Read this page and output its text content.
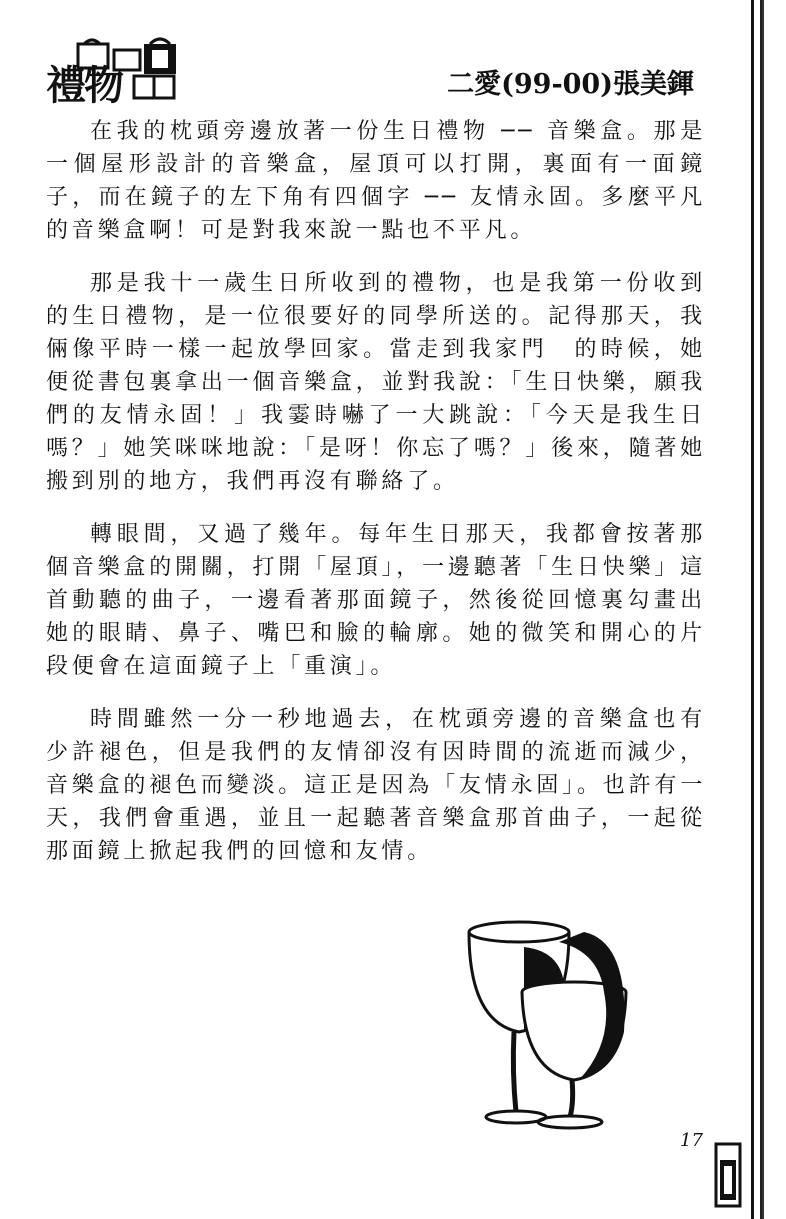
禮物	二愛(99-00)張美鍕

在我的枕頭旁邊放著一份生日禮物 ── 音樂盒。那是一個屋形設計的音樂盒，屋頂可以打開，裏面有一面鏡子，而在鏡子的左下角有四個字 ── 友情永固。多麼平凡的音樂盒啊！可是對我來說一點也不平凡。

那是我十一歲生日所收到的禮物，也是我第一份收到的生日禮物，是一位很要好的同學所送的。記得那天，我倆像平時一樣一起放學回家。當走到我家門　的時候，她便從書包裏拿出一個音樂盒，並對我說：「生日快樂，願我們的友情永固！」我霎時嚇了一大跳說：「今天是我生日嗎？」她笑咪咪地說：「是呀！你忘了嗎？」後來，隨著她搬到別的地方，我們再沒有聯絡了。

轉眼間，又過了幾年。每年生日那天，我都會按著那個音樂盒的開關，打開「屋頂」，一邊聽著「生日快樂」這首動聽的曲子，一邊看著那面鏡子，然後從回憶裏勾畫出她的眼睛、鼻子、嘴巴和臉的輪廓。她的微笑和開心的片段便會在這面鏡子上「重演」。

時間雖然一分一秒地過去，在枕頭旁邊的音樂盒也有少許褪色，但是我們的友情卻沒有因時間的流逝而減少，音樂盒的褪色而變淡。這正是因為「友情永固」。也許有一天，我們會重遇，並且一起聽著音樂盒那首曲子，一起從那面鏡上掀起我們的回憶和友情。

17
